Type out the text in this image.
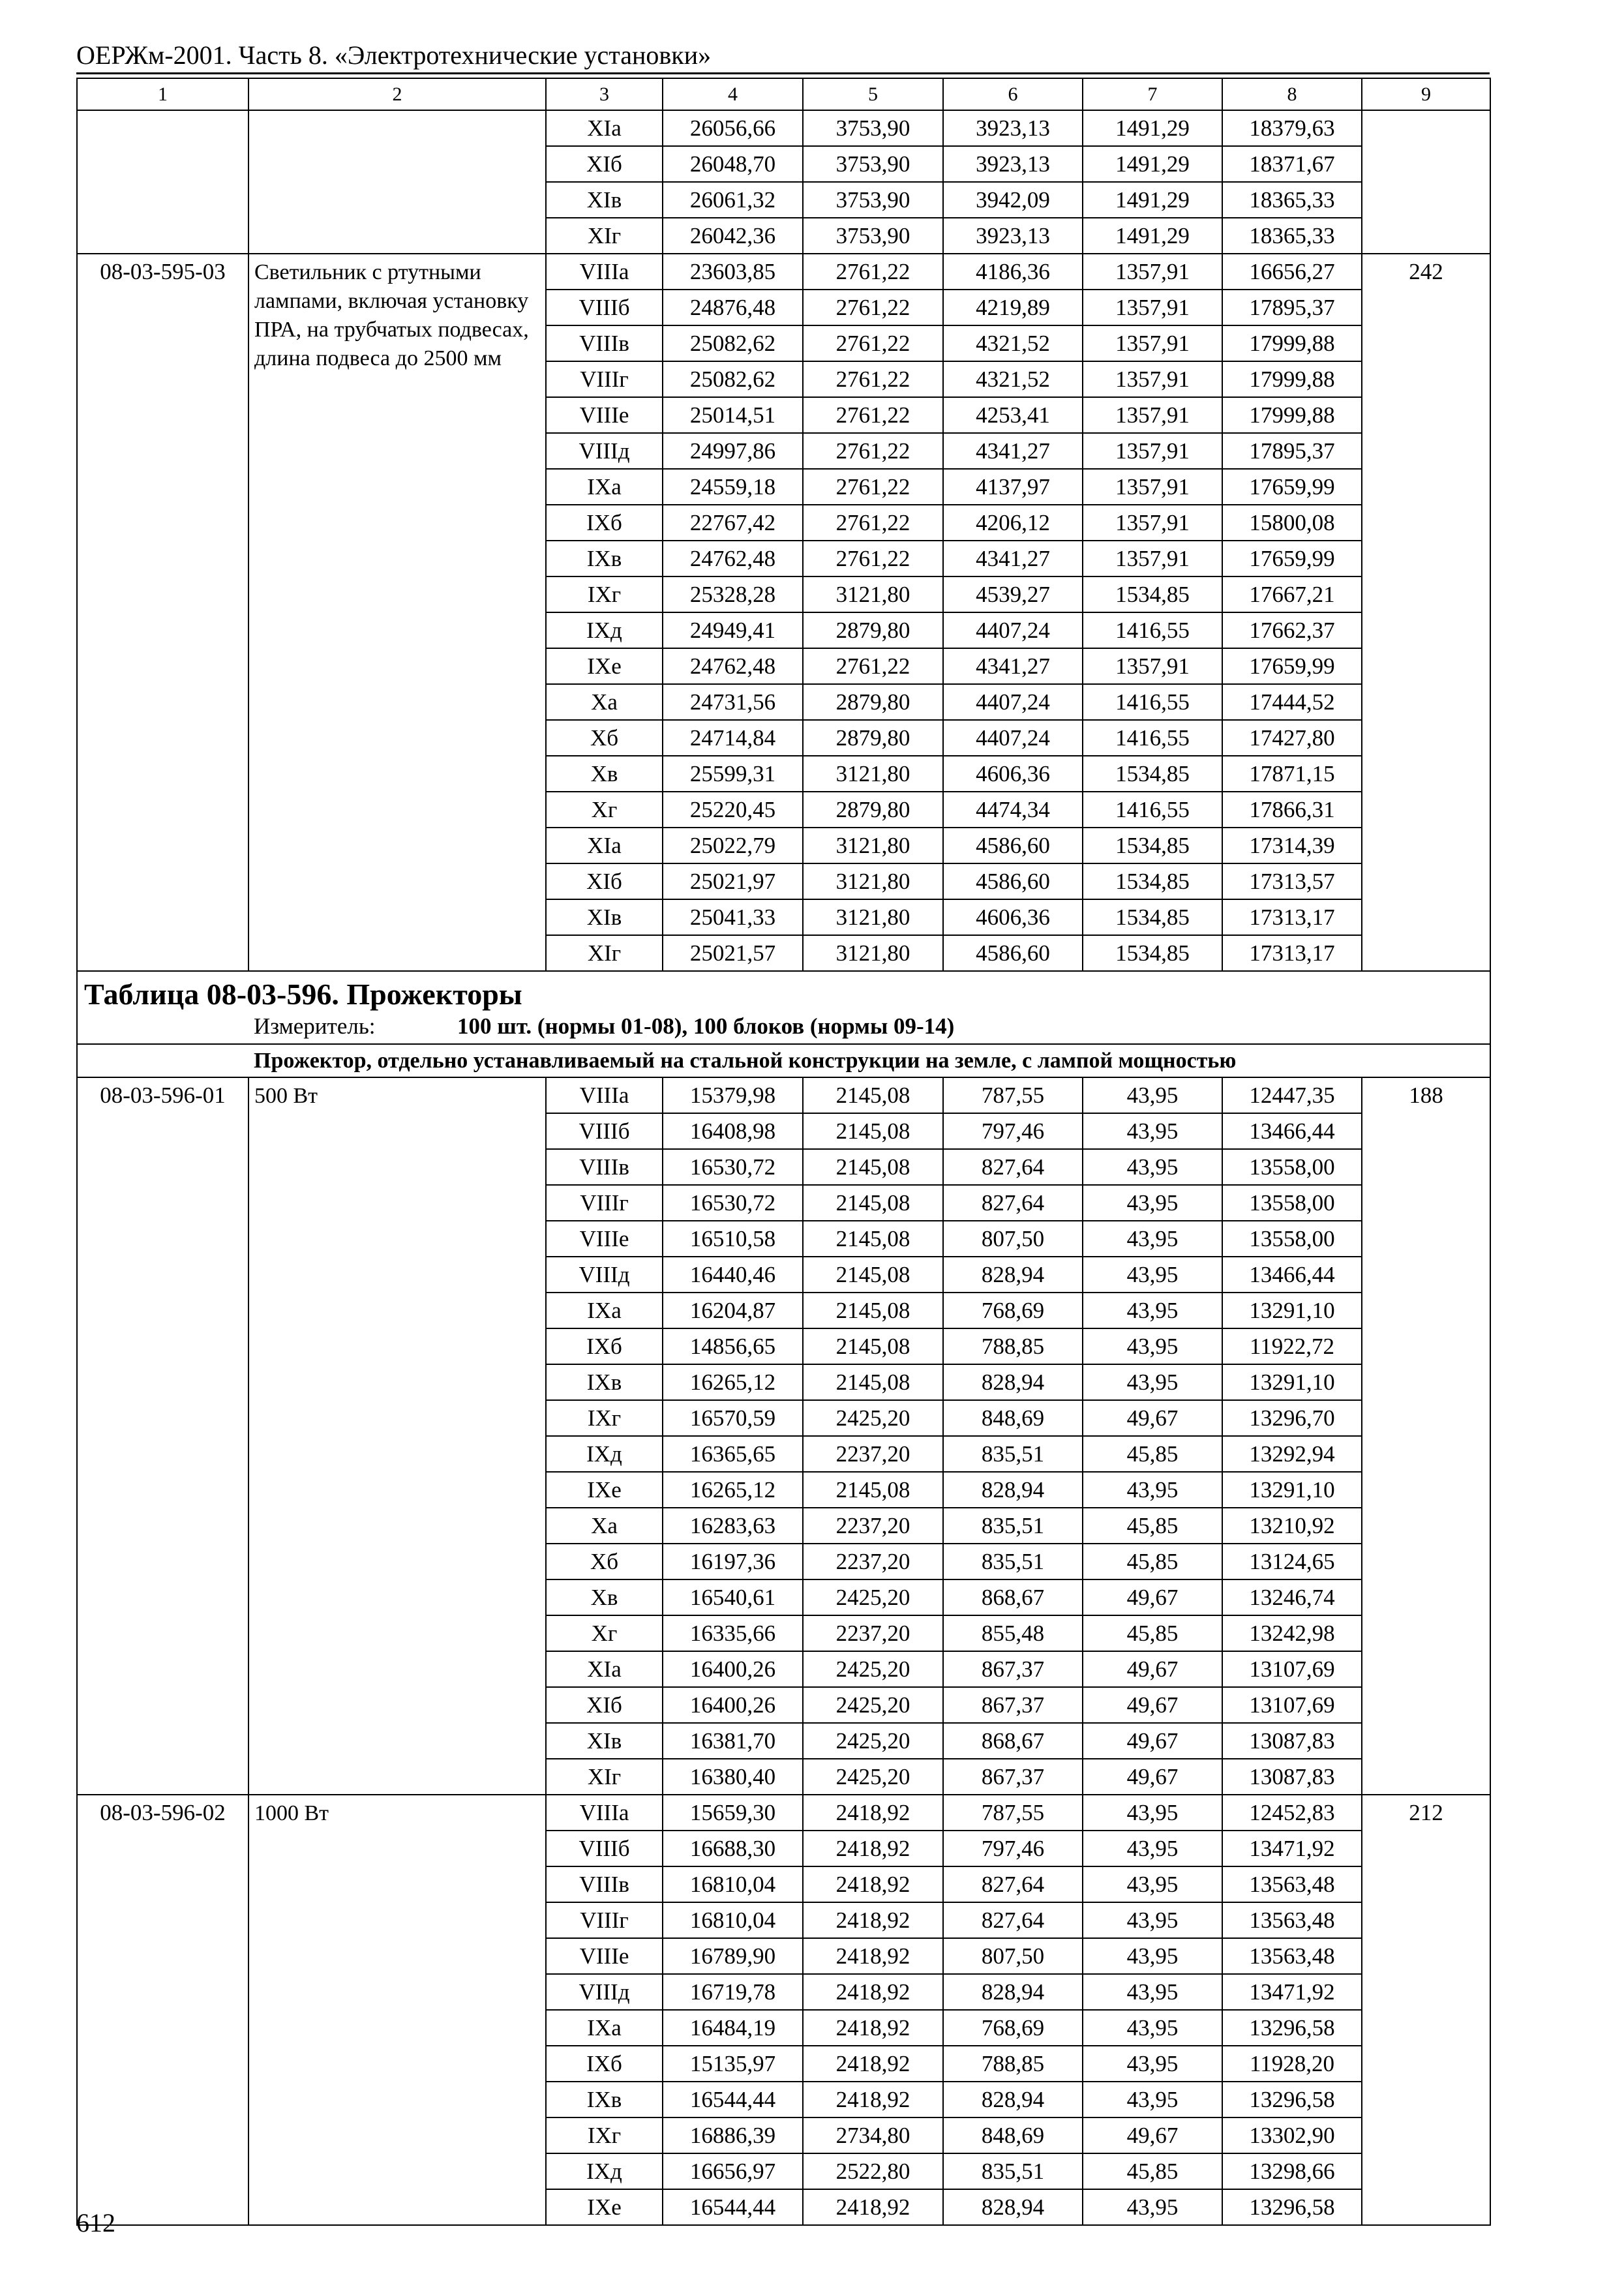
ОЕРЖм-2001. Часть 8. «Электротехнические установки»
1	2	3	4	5	6	7	8	9
		XIа	26056,66	3753,90	3923,13	1491,29	18379,63	
		XIб	26048,70	3753,90	3923,13	1491,29	18371,67	
		XIв	26061,32	3753,90	3942,09	1491,29	18365,33	
		XIг	26042,36	3753,90	3923,13	1491,29	18365,33	
08-03-595-03	Светильник с ртутными лампами, включая установку ПРА, на трубчатых подвесах, длина подвеса до 2500 мм	VIIIа	23603,85	2761,22	4186,36	1357,91	16656,27	242
		VIIIб	24876,48	2761,22	4219,89	1357,91	17895,37	
		VIIIв	25082,62	2761,22	4321,52	1357,91	17999,88	
		VIIIг	25082,62	2761,22	4321,52	1357,91	17999,88	
		VIIIе	25014,51	2761,22	4253,41	1357,91	17999,88	
		VIIIд	24997,86	2761,22	4341,27	1357,91	17895,37	
		IXа	24559,18	2761,22	4137,97	1357,91	17659,99	
		IXб	22767,42	2761,22	4206,12	1357,91	15800,08	
		IXв	24762,48	2761,22	4341,27	1357,91	17659,99	
		IXг	25328,28	3121,80	4539,27	1534,85	17667,21	
		IXд	24949,41	2879,80	4407,24	1416,55	17662,37	
		IXе	24762,48	2761,22	4341,27	1357,91	17659,99	
		Xа	24731,56	2879,80	4407,24	1416,55	17444,52	
		Xб	24714,84	2879,80	4407,24	1416,55	17427,80	
		Xв	25599,31	3121,80	4606,36	1534,85	17871,15	
		Xг	25220,45	2879,80	4474,34	1416,55	17866,31	
		XIа	25022,79	3121,80	4586,60	1534,85	17314,39	
		XIб	25021,97	3121,80	4586,60	1534,85	17313,57	
		XIв	25041,33	3121,80	4606,36	1534,85	17313,17	
		XIг	25021,57	3121,80	4586,60	1534,85	17313,17	

Таблица 08-03-596. Прожекторы
Измеритель: 100 шт. (нормы 01-08), 100 блоков (нормы 09-14)								

Прожектор, отдельно устанавливаемый на стальной конструкции на земле, с лампой мощностью								
08-03-596-01	500 Вт	VIIIа	15379,98	2145,08	787,55	43,95	12447,35	188
		VIIIб	16408,98	2145,08	797,46	43,95	13466,44	
		VIIIв	16530,72	2145,08	827,64	43,95	13558,00	
		VIIIг	16530,72	2145,08	827,64	43,95	13558,00	
		VIIIе	16510,58	2145,08	807,50	43,95	13558,00	
		VIIIд	16440,46	2145,08	828,94	43,95	13466,44	
		IXа	16204,87	2145,08	768,69	43,95	13291,10	
		IXб	14856,65	2145,08	788,85	43,95	11922,72	
		IXв	16265,12	2145,08	828,94	43,95	13291,10	
		IXг	16570,59	2425,20	848,69	49,67	13296,70	
		IXд	16365,65	2237,20	835,51	45,85	13292,94	
		IXе	16265,12	2145,08	828,94	43,95	13291,10	
		Xа	16283,63	2237,20	835,51	45,85	13210,92	
		Xб	16197,36	2237,20	835,51	45,85	13124,65	
		Xв	16540,61	2425,20	868,67	49,67	13246,74	
		Xг	16335,66	2237,20	855,48	45,85	13242,98	
		XIа	16400,26	2425,20	867,37	49,67	13107,69	
		XIб	16400,26	2425,20	867,37	49,67	13107,69	
		XIв	16381,70	2425,20	868,67	49,67	13087,83	
		XIг	16380,40	2425,20	867,37	49,67	13087,83	
08-03-596-02	1000 Вт	VIIIа	15659,30	2418,92	787,55	43,95	12452,83	212
		VIIIб	16688,30	2418,92	797,46	43,95	13471,92	
		VIIIв	16810,04	2418,92	827,64	43,95	13563,48	
		VIIIг	16810,04	2418,92	827,64	43,95	13563,48	
		VIIIе	16789,90	2418,92	807,50	43,95	13563,48	
		VIIIд	16719,78	2418,92	828,94	43,95	13471,92	
		IXа	16484,19	2418,92	768,69	43,95	13296,58	
		IXб	15135,97	2418,92	788,85	43,95	11928,20	
		IXв	16544,44	2418,92	828,94	43,95	13296,58	
		IXг	16886,39	2734,80	848,69	49,67	13302,90	
		IXд	16656,97	2522,80	835,51	45,85	13298,66	
		IXе	16544,44	2418,92	828,94	43,95	13296,58	
612
